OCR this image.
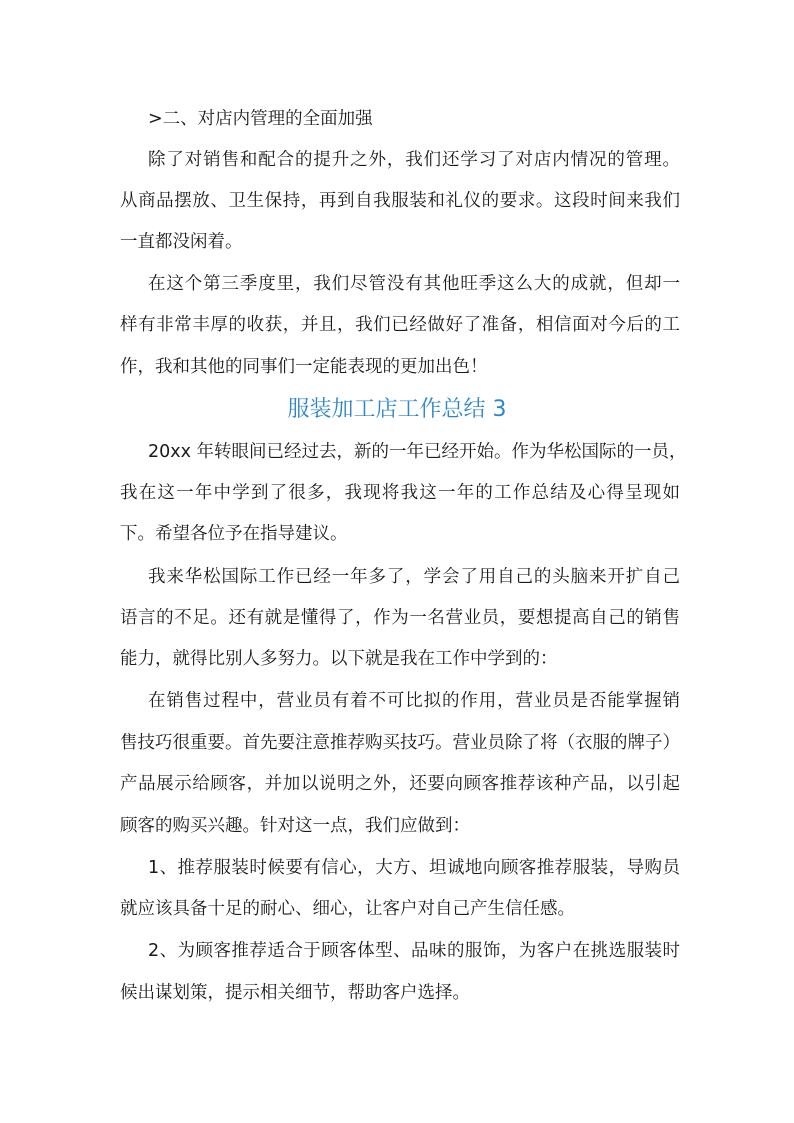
>二、对店内管理的全面加强
除了对销售和配合的提升之外，我们还学习了对店内情况的管理。
从商品摆放、卫生保持，再到自我服装和礼仪的要求。这段时间来我们
一直都没闲着。
在这个第三季度里，我们尽管没有其他旺季这么大的成就，但却一
样有非常丰厚的收获，并且，我们已经做好了准备，相信面对今后的工
作，我和其他的同事们一定能表现的更加出色！
服装加工店工作总结 3
20xx 年转眼间已经过去，新的一年已经开始。作为华松国际的一员，
我在这一年中学到了很多，我现将我这一年的工作总结及心得呈现如
下。希望各位予在指导建议。
我来华松国际工作已经一年多了，学会了用自己的头脑来开扩自己
语言的不足。还有就是懂得了，作为一名营业员，要想提高自己的销售
能力，就得比别人多努力。以下就是我在工作中学到的：
在销售过程中，营业员有着不可比拟的作用，营业员是否能掌握销
售技巧很重要。首先要注意推荐购买技巧。营业员除了将（衣服的牌子）
产品展示给顾客，并加以说明之外，还要向顾客推荐该种产品，以引起
顾客的购买兴趣。针对这一点，我们应做到：
1、推荐服装时候要有信心，大方、坦诚地向顾客推荐服装，导购员
就应该具备十足的耐心、细心，让客户对自己产生信任感。
2、为顾客推荐适合于顾客体型、品味的服饰，为客户在挑选服装时
候出谋划策，提示相关细节，帮助客户选择。
